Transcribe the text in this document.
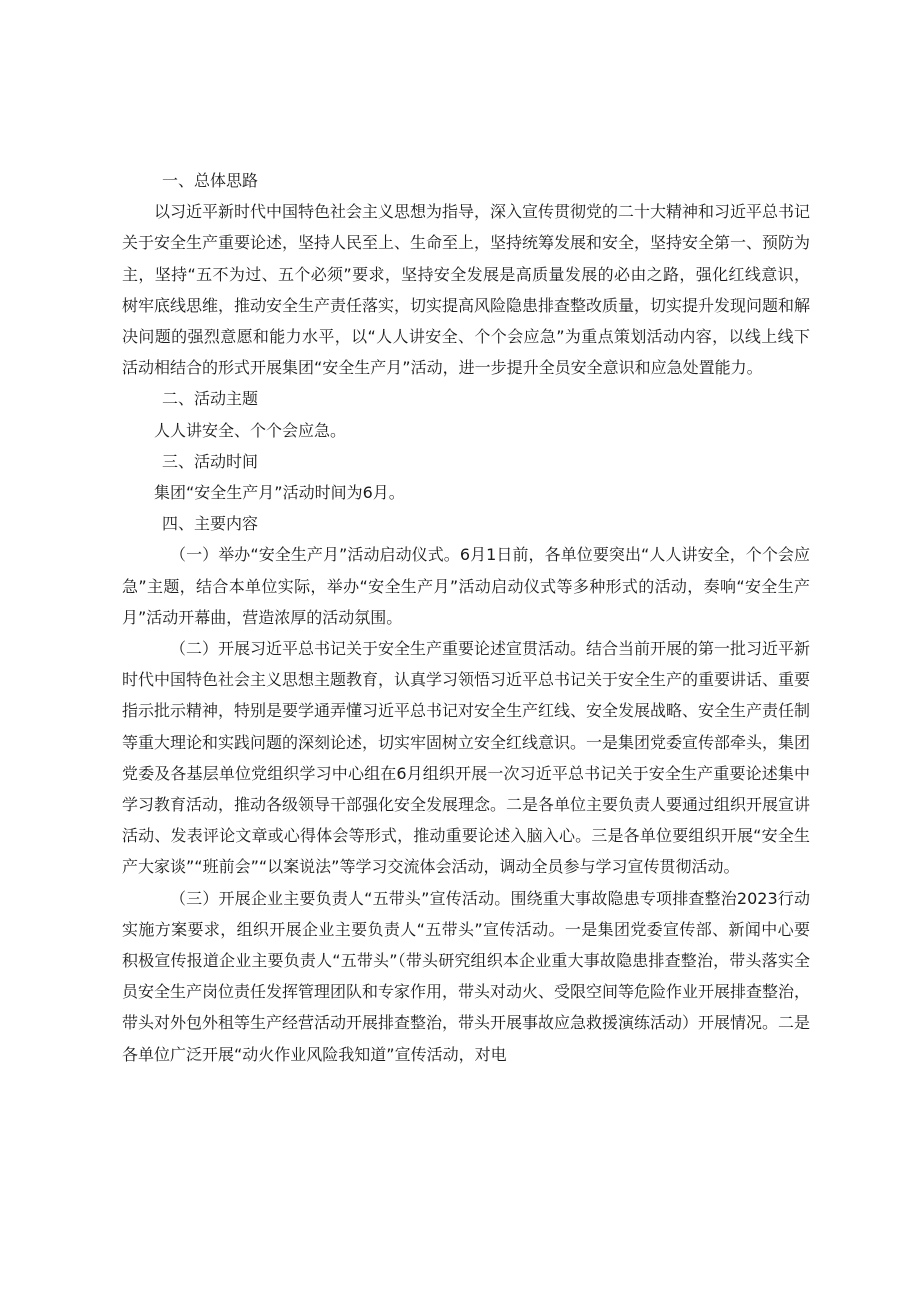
一、总体思路

以习近平新时代中国特色社会主义思想为指导，深入宣传贯彻党的二十大精神和习近平总书记关于安全生产重要论述，坚持人民至上、生命至上，坚持统筹发展和安全，坚持安全第一、预防为主，坚持“五不为过、五个必须”要求，坚持安全发展是高质量发展的必由之路，强化红线意识，树牢底线思维，推动安全生产责任落实，切实提高风险隐患排查整改质量，切实提升发现问题和解决问题的强烈意愿和能力水平，以“人人讲安全、个个会应急”为重点策划活动内容，以线上线下活动相结合的形式开展集团“安全生产月”活动，进一步提升全员安全意识和应急处置能力。

二、活动主题

人人讲安全、个个会应急。

三、活动时间

集团“安全生产月”活动时间为6月。

四、主要内容

（一）举办“安全生产月”活动启动仪式。6月1日前，各单位要突出“人人讲安全，个个会应急”主题，结合本单位实际，举办“安全生产月”活动启动仪式等多种形式的活动，奏响“安全生产月”活动开幕曲，营造浓厚的活动氛围。

（二）开展习近平总书记关于安全生产重要论述宣贯活动。结合当前开展的第一批习近平新时代中国特色社会主义思想主题教育，认真学习领悟习近平总书记关于安全生产的重要讲话、重要指示批示精神，特别是要学通弄懂习近平总书记对安全生产红线、安全发展战略、安全生产责任制等重大理论和实践问题的深刻论述，切实牢固树立安全红线意识。一是集团党委宣传部牵头，集团党委及各基层单位党组织学习中心组在6月组织开展一次习近平总书记关于安全生产重要论述集中学习教育活动，推动各级领导干部强化安全发展理念。二是各单位主要负责人要通过组织开展宣讲活动、发表评论文章或心得体会等形式，推动重要论述入脑入心。三是各单位要组织开展“安全生产大家谈”“班前会”“以案说法”等学习交流体会活动，调动全员参与学习宣传贯彻活动。

（三）开展企业主要负责人“五带头”宣传活动。围绕重大事故隐患专项排查整治2023行动实施方案要求，组织开展企业主要负责人“五带头”宣传活动。一是集团党委宣传部、新闻中心要积极宣传报道企业主要负责人“五带头”（带头研究组织本企业重大事故隐患排查整治，带头落实全员安全生产岗位责任发挥管理团队和专家作用，带头对动火、受限空间等危险作业开展排查整治，带头对外包外租等生产经营活动开展排查整治，带头开展事故应急救援演练活动）开展情况。二是各单位广泛开展“动火作业风险我知道”宣传活动，对电
